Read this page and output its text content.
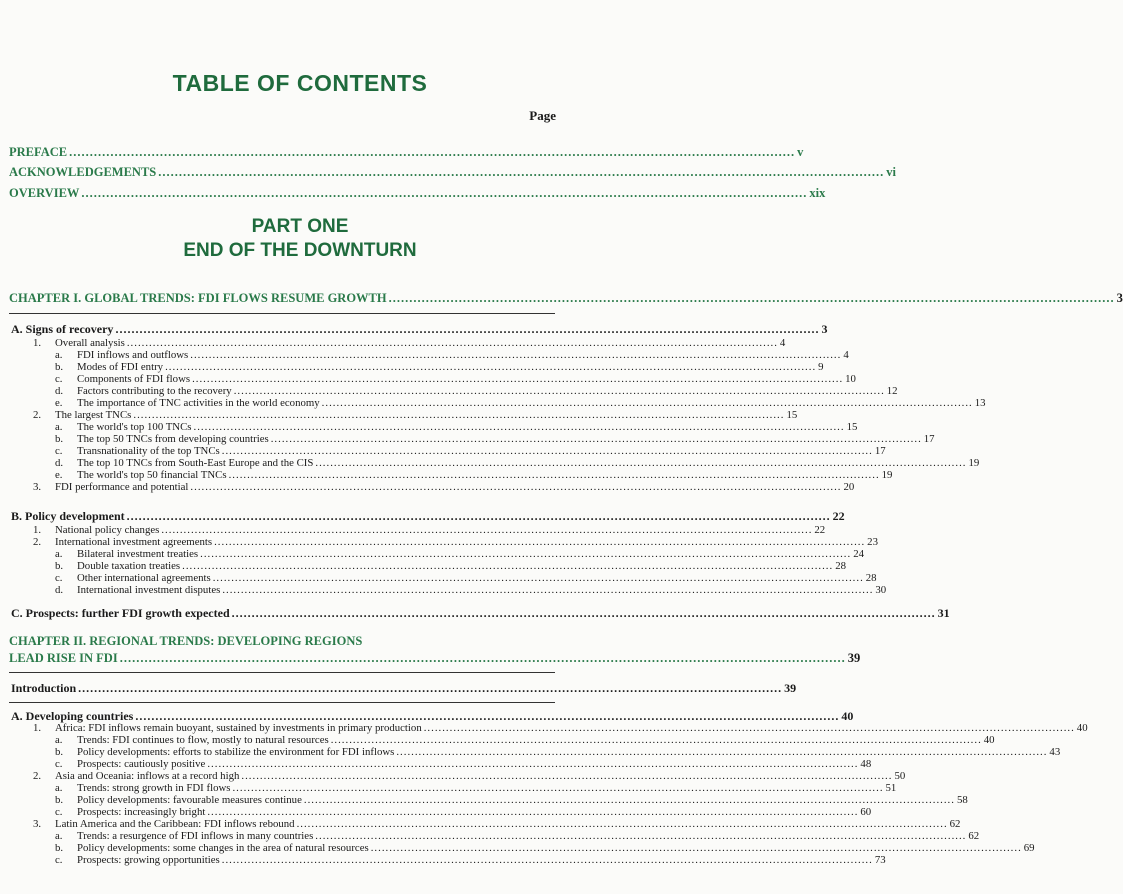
TABLE OF CONTENTS
Page
PREFACE ................................................................................................................................................................................ v
ACKNOWLEDGEMENTS ................................................................................................................................................................................ vi
OVERVIEW ................................................................................................................................................................................ xix
PART ONE
END OF THE DOWNTURN
CHAPTER I. GLOBAL TRENDS: FDI FLOWS RESUME GROWTH ................................................................................................................................................................................ 3
A. Signs of recovery ................................................................................................................................................................................ 3
1. Overall analysis ................................................................................................................................................................................ 4
a. FDI inflows and outflows ................................................................................................................................................................................ 4
b. Modes of FDI entry ................................................................................................................................................................................ 9
c. Components of FDI flows ................................................................................................................................................................................ 10
d. Factors contributing to the recovery ................................................................................................................................................................................ 12
e. The importance of TNC activities in the world economy ................................................................................................................................................................................ 13
2. The largest TNCs ................................................................................................................................................................................ 15
a. The world's top 100 TNCs ................................................................................................................................................................................ 15
b. The top 50 TNCs from developing countries ................................................................................................................................................................................ 17
c. Transnationality of the top TNCs ................................................................................................................................................................................ 17
d. The top 10 TNCs from South-East Europe and the CIS ................................................................................................................................................................................ 19
e. The world's top 50 financial TNCs ................................................................................................................................................................................ 19
3. FDI performance and potential ................................................................................................................................................................................ 20
B. Policy development ................................................................................................................................................................................ 22
1. National policy changes ................................................................................................................................................................................ 22
2. International investment agreements ................................................................................................................................................................................ 23
a. Bilateral investment treaties ................................................................................................................................................................................ 24
b. Double taxation treaties ................................................................................................................................................................................ 28
c. Other international agreements ................................................................................................................................................................................ 28
d. International investment disputes ................................................................................................................................................................................ 30
C. Prospects: further FDI growth expected ................................................................................................................................................................................ 31
CHAPTER II. REGIONAL TRENDS: DEVELOPING REGIONS
LEAD RISE IN FDI ................................................................................................................................................................................ 39
Introduction ................................................................................................................................................................................ 39
A. Developing countries ................................................................................................................................................................................ 40
1. Africa: FDI inflows remain buoyant, sustained by investments in primary production ................................................................................................................................................................................ 40
a. Trends: FDI continues to flow, mostly to natural resources ................................................................................................................................................................................ 40
b. Policy developments: efforts to stabilize the environment for FDI inflows ................................................................................................................................................................................ 43
c. Prospects: cautiously positive ................................................................................................................................................................................ 48
2. Asia and Oceania: inflows at a record high ................................................................................................................................................................................ 50
a. Trends: strong growth in FDI flows ................................................................................................................................................................................ 51
b. Policy developments: favourable measures continue ................................................................................................................................................................................ 58
c. Prospects: increasingly bright ................................................................................................................................................................................ 60
3. Latin America and the Caribbean: FDI inflows rebound ................................................................................................................................................................................ 62
a. Trends: a resurgence of FDI inflows in many countries ................................................................................................................................................................................ 62
b. Policy developments: some changes in the area of natural resources ................................................................................................................................................................................ 69
c. Prospects: growing opportunities ................................................................................................................................................................................ 73
